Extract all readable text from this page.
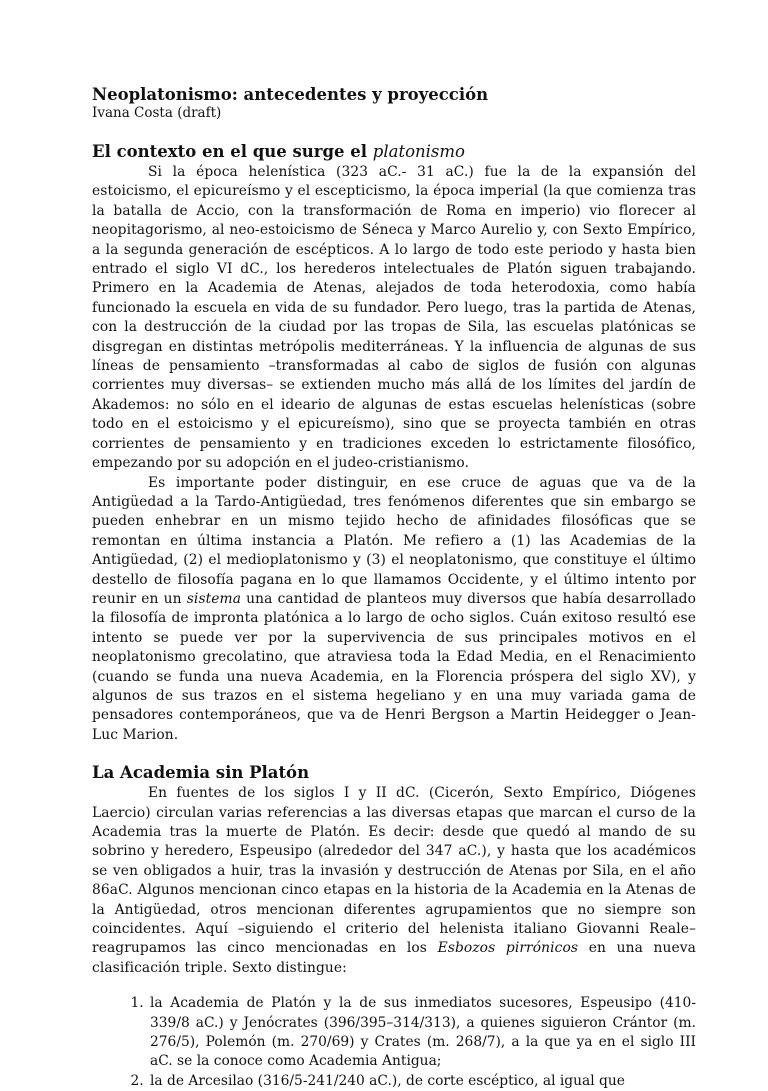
Neoplatonismo: antecedentes y proyección
Ivana Costa (draft)
El contexto en el que surge el platonismo

Si la época helenística (323 aC.- 31 aC.) fue la de la expansión del estoicismo, el epicureísmo y el escepticismo, la época imperial (la que comienza tras la batalla de Accio, con la transformación de Roma en imperio) vio florecer al neopitagorismo, al neo-estoicismo de Séneca y Marco Aurelio y, con Sexto Empírico, a la segunda generación de escépticos. A lo largo de todo este periodo y hasta bien entrado el siglo VI dC., los herederos intelectuales de Platón siguen trabajando. Primero en la Academia de Atenas, alejados de toda heterodoxia, como había funcionado la escuela en vida de su fundador. Pero luego, tras la partida de Atenas, con la destrucción de la ciudad por las tropas de Sila, las escuelas platónicas se disgregan en distintas metrópolis mediterráneas. Y la influencia de algunas de sus líneas de pensamiento –transformadas al cabo de siglos de fusión con algunas corrientes muy diversas– se extienden mucho más allá de los límites del jardín de Akademos: no sólo en el ideario de algunas de estas escuelas helenísticas (sobre todo en el estoicismo y el epicureísmo), sino que se proyecta también en otras corrientes de pensamiento y en tradiciones exceden lo estrictamente filosófico, empezando por su adopción en el judeo-cristianismo.

Es importante poder distinguir, en ese cruce de aguas que va de la Antigüedad a la Tardo-Antigüedad, tres fenómenos diferentes que sin embargo se pueden enhebrar en un mismo tejido hecho de afinidades filosóficas que se remontan en última instancia a Platón. Me refiero a (1) las Academias de la Antigüedad, (2) el medioplatonismo y (3) el neoplatonismo, que constituye el último destello de filosofía pagana en lo que llamamos Occidente, y el último intento por reunir en un sistema una cantidad de planteos muy diversos que había desarrollado la filosofía de impronta platónica a lo largo de ocho siglos. Cuán exitoso resultó ese intento se puede ver por la supervivencia de sus principales motivos en el neoplatonismo grecolatino, que atraviesa toda la Edad Media, en el Renacimiento (cuando se funda una nueva Academia, en la Florencia próspera del siglo XV), y algunos de sus trazos en el sistema hegeliano y en una muy variada gama de pensadores contemporáneos, que va de Henri Bergson a Martin Heidegger o Jean-Luc Marion.

La Academia sin Platón

En fuentes de los siglos I y II dC. (Cicerón, Sexto Empírico, Diógenes Laercio) circulan varias referencias a las diversas etapas que marcan el curso de la Academia tras la muerte de Platón. Es decir: desde que quedó al mando de su sobrino y heredero, Espeusipo (alrededor del 347 aC.), y hasta que los académicos se ven obligados a huir, tras la invasión y destrucción de Atenas por Sila, en el año 86aC. Algunos mencionan cinco etapas en la historia de la Academia en la Atenas de la Antigüedad, otros mencionan diferentes agrupamientos que no siempre son coincidentes. Aquí –siguiendo el criterio del helenista italiano Giovanni Reale– reagrupamos las cinco mencionadas en los Esbozos pirrónicos en una nueva clasificación triple. Sexto distingue:

1. la Academia de Platón y la de sus inmediatos sucesores, Espeusipo (410-339/8 aC.) y Jenócrates (396/395–314/313), a quienes siguieron Crántor (m. 276/5), Polemón (m. 270/69) y Crates (m. 268/7), a la que ya en el siglo III aC. se la conoce como Academia Antigua;
2. la de Arcesilao (316/5-241/240 aC.), de corte escéptico, al igual que
